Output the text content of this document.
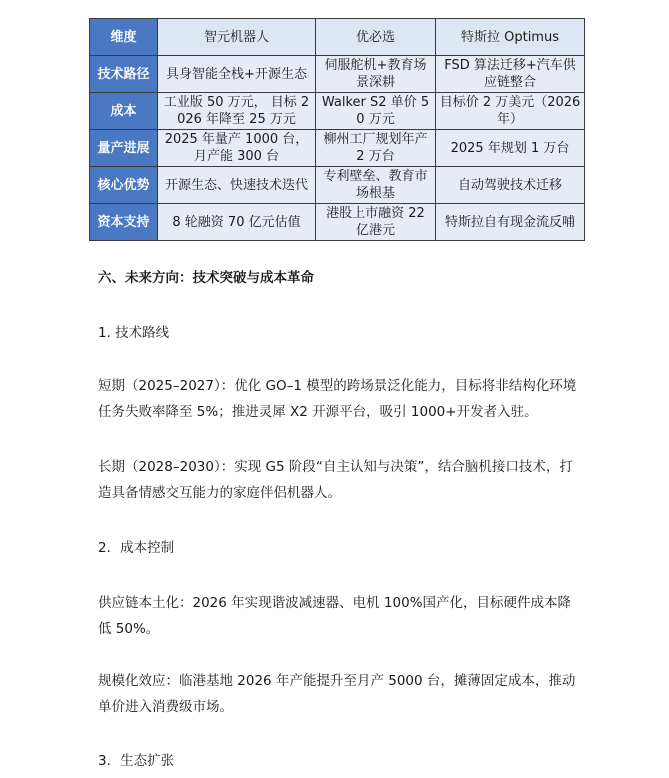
维度	智元机器人	优必选	特斯拉 Optimus
技术路径	具身智能全栈+开源生态	伺服舵机+教育场景深耕	FSD 算法迁移+汽车供应链整合
成本	工业版 50 万元， 目标 2026 年降至 25 万元	Walker S2 单价 50 万元	目标价 2 万美元（2026 年）
量产进展	2025 年量产 1000 台， 月产能 300 台	柳州工厂规划年产 2 万台	2025 年规划 1 万台
核心优势	开源生态、快速技术迭代	专利壁垒、教育市场根基	自动驾驶技术迁移
资本支持	8 轮融资 70 亿元估值	港股上市融资 22 亿港元	特斯拉自有现金流反哺

六、未来方向：技术突破与成本革命

1. 技术路线

短期（2025–2027）：优化 GO–1 模型的跨场景泛化能力，目标将非结构化环境任务失败率降至 5%；推进灵犀 X2 开源平台，吸引 1000+开发者入驻。

长期（2028–2030）：实现 G5 阶段“自主认知与决策”，结合脑机接口技术，打造具备情感交互能力的家庭伴侣机器人。

2．成本控制

供应链本土化：2026 年实现谐波减速器、电机 100%国产化，目标硬件成本降低 50%。

规模化效应：临港基地 2026 年产能提升至月产 5000 台，摊薄固定成本，推动单价进入消费级市场。

3．生态扩张
